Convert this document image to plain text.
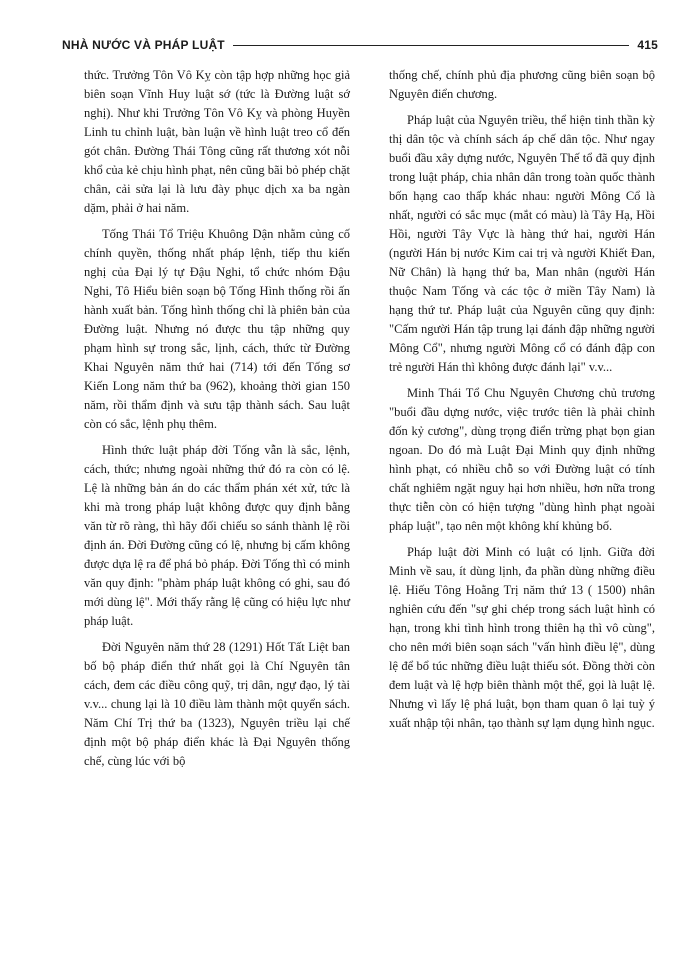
NHÀ NƯỚC VÀ PHÁP LUẬT	415

thức. Trưởng Tôn Vô Kỵ còn tập hợp những học giả biên soạn Vĩnh Huy luật sớ (tức là Đường luật sớ nghị). Như khi Trưởng Tôn Vô Kỵ và phòng Huyền Linh tu chỉnh luật, bàn luận về hình luật treo cổ đến gót chân. Đường Thái Tông cũng rất thương xót nỗi khổ của kẻ chịu hình phạt, nên cũng bãi bỏ phép chặt chân, cải sửa lại là lưu đày phục dịch xa ba ngàn dặm, phải ở hai năm.

Tống Thái Tổ Triệu Khuông Dận nhằm củng cố chính quyền, thống nhất pháp lệnh, tiếp thu kiến nghị của Đại lý tự Đậu Nghi, tổ chức nhóm Đậu Nghi, Tô Hiểu biên soạn bộ Tống Hình thống rồi ấn hành xuất bản. Tống hình thống chỉ là phiên bản của Đường luật. Nhưng nó được thu tập những quy phạm hình sự trong sắc, lịnh, cách, thức từ Đường Khai Nguyên năm thứ hai (714) tới đến Tống sơ Kiến Long năm thứ ba (962), khoảng thời gian 150 năm, rồi thẩm định và sưu tập thành sách. Sau luật còn có sắc, lệnh phụ thêm.

Hình thức luật pháp đời Tống vẫn là sắc, lệnh, cách, thức; nhưng ngoài những thứ đó ra còn có lệ. Lệ là những bản án do các thẩm phán xét xử, tức là khi mà trong pháp luật không được quy định bằng văn từ rõ ràng, thì hãy đối chiếu so sánh thành lệ rồi định án. Đời Đường cũng có lệ, nhưng bị cấm không được dựa lệ ra để phá bỏ pháp. Đời Tống thì có minh văn quy định: "phàm pháp luật không có ghi, sau đó mới dùng lệ". Mới thấy rằng lệ cũng có hiệu lực như pháp luật.

Đời Nguyên năm thứ 28 (1291) Hốt Tất Liệt ban bố bộ pháp điển thứ nhất gọi là Chí Nguyên tân cách, đem các điều công quỹ, trị dân, ngự đạo, lý tài v.v... chung lại là 10 điều làm thành một quyển sách. Năm Chí Trị thứ ba (1323), Nguyên triều lại chế định một bộ pháp điển khác là Đại Nguyên thống chế, cùng lúc với bộ

thống chế, chính phủ địa phương cũng biên soạn bộ Nguyên điển chương.

Pháp luật của Nguyên triều, thể hiện tinh thần kỳ thị dân tộc và chính sách áp chế dân tộc. Như ngay buổi đầu xây dựng nước, Nguyên Thế tổ đã quy định trong luật pháp, chia nhân dân trong toàn quốc thành bốn hạng cao thấp khác nhau: người Mông Cổ là nhất, người có sắc mục (mắt có màu) là Tây Hạ, Hồi Hồi, người Tây Vực là hàng thứ hai, người Hán (người Hán bị nước Kim cai trị và người Khiết Đan, Nữ Chân) là hạng thứ ba, Man nhân (người Hán thuộc Nam Tống và các tộc ở miền Tây Nam) là hạng thứ tư. Pháp luật của Nguyên cũng quy định: "Cấm người Hán tập trung lại đánh đập những người Mông Cổ", nhưng người Mông cổ có đánh đập con trẻ người Hán thì không được đánh lại" v.v...

Minh Thái Tổ Chu Nguyên Chương chủ trương "buổi đầu dựng nước, việc trước tiên là phải chỉnh đốn kỷ cương", dùng trọng điển trừng phạt bọn gian ngoan. Do đó mà Luật Đại Minh quy định những hình phạt, có nhiều chỗ so với Đường luật có tính chất nghiêm ngặt nguy hại hơn nhiều, hơn nữa trong thực tiễn còn có hiện tượng "dùng hình phạt ngoài pháp luật", tạo nên một không khí khủng bố.

Pháp luật đời Minh có luật có lịnh. Giữa đời Minh về sau, ít dùng lịnh, đa phần dùng những điều lệ. Hiếu Tông Hoằng Trị năm thứ 13 ( 1500) nhân nghiên cứu đến "sự ghi chép trong sách luật hình có hạn, trong khi tình hình trong thiên hạ thì vô cùng", cho nên mới biên soạn sách "vấn hình điều lệ", dùng lệ để bổ túc những điều luật thiếu sót. Đồng thời còn đem luật và lệ hợp biên thành một thể, gọi là luật lệ. Nhưng vì lấy lệ phá luật, bọn tham quan ô lại tuỳ ý xuất nhập tội nhân, tạo thành sự lạm dụng hình ngục.
